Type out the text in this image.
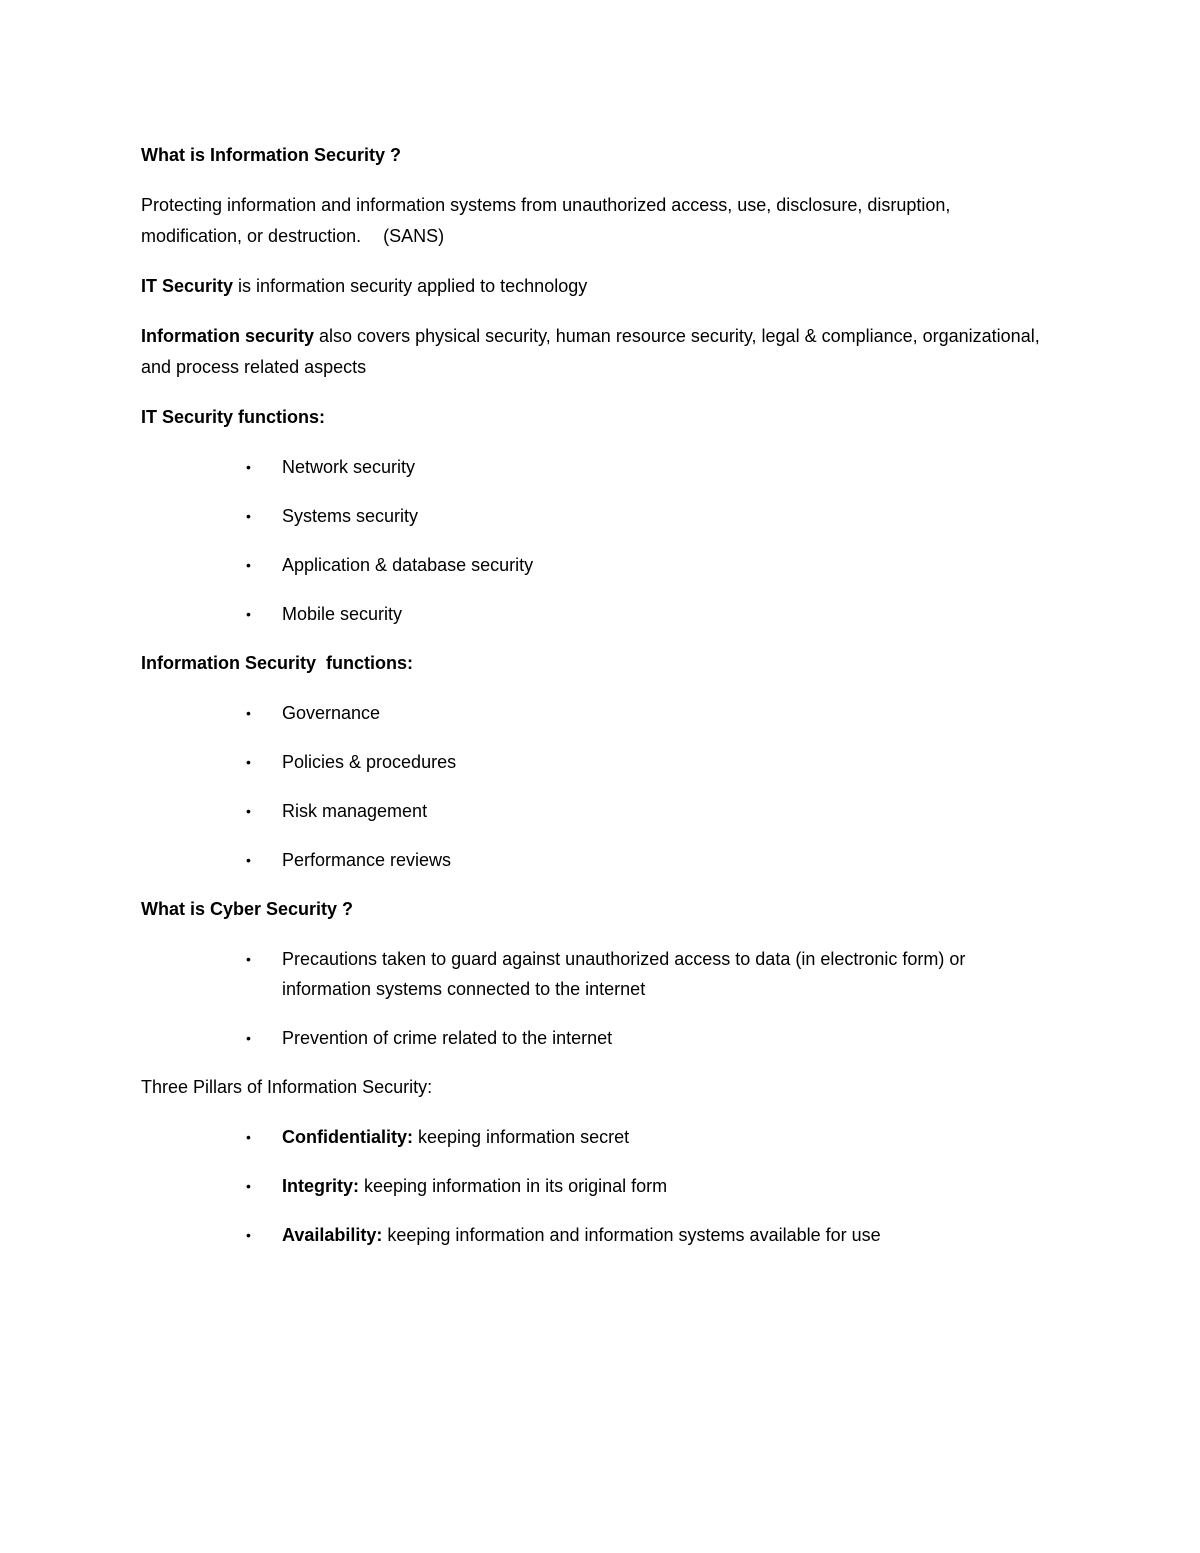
What is Information Security ?
Protecting information and information systems from unauthorized access, use, disclosure, disruption, modification, or destruction. (SANS)
IT Security is information security applied to technology
Information security also covers physical security, human resource security, legal & compliance, organizational, and process related aspects
IT Security functions:
• Network security
• Systems security
• Application & database security
• Mobile security
Information Security  functions:
• Governance
• Policies & procedures
• Risk management
• Performance reviews
What is Cyber Security ?
• Precautions taken to guard against unauthorized access to data (in electronic form) or information systems connected to the internet
• Prevention of crime related to the internet
Three Pillars of Information Security:
• Confidentiality: keeping information secret
• Integrity: keeping information in its original form
• Availability: keeping information and information systems available for use
